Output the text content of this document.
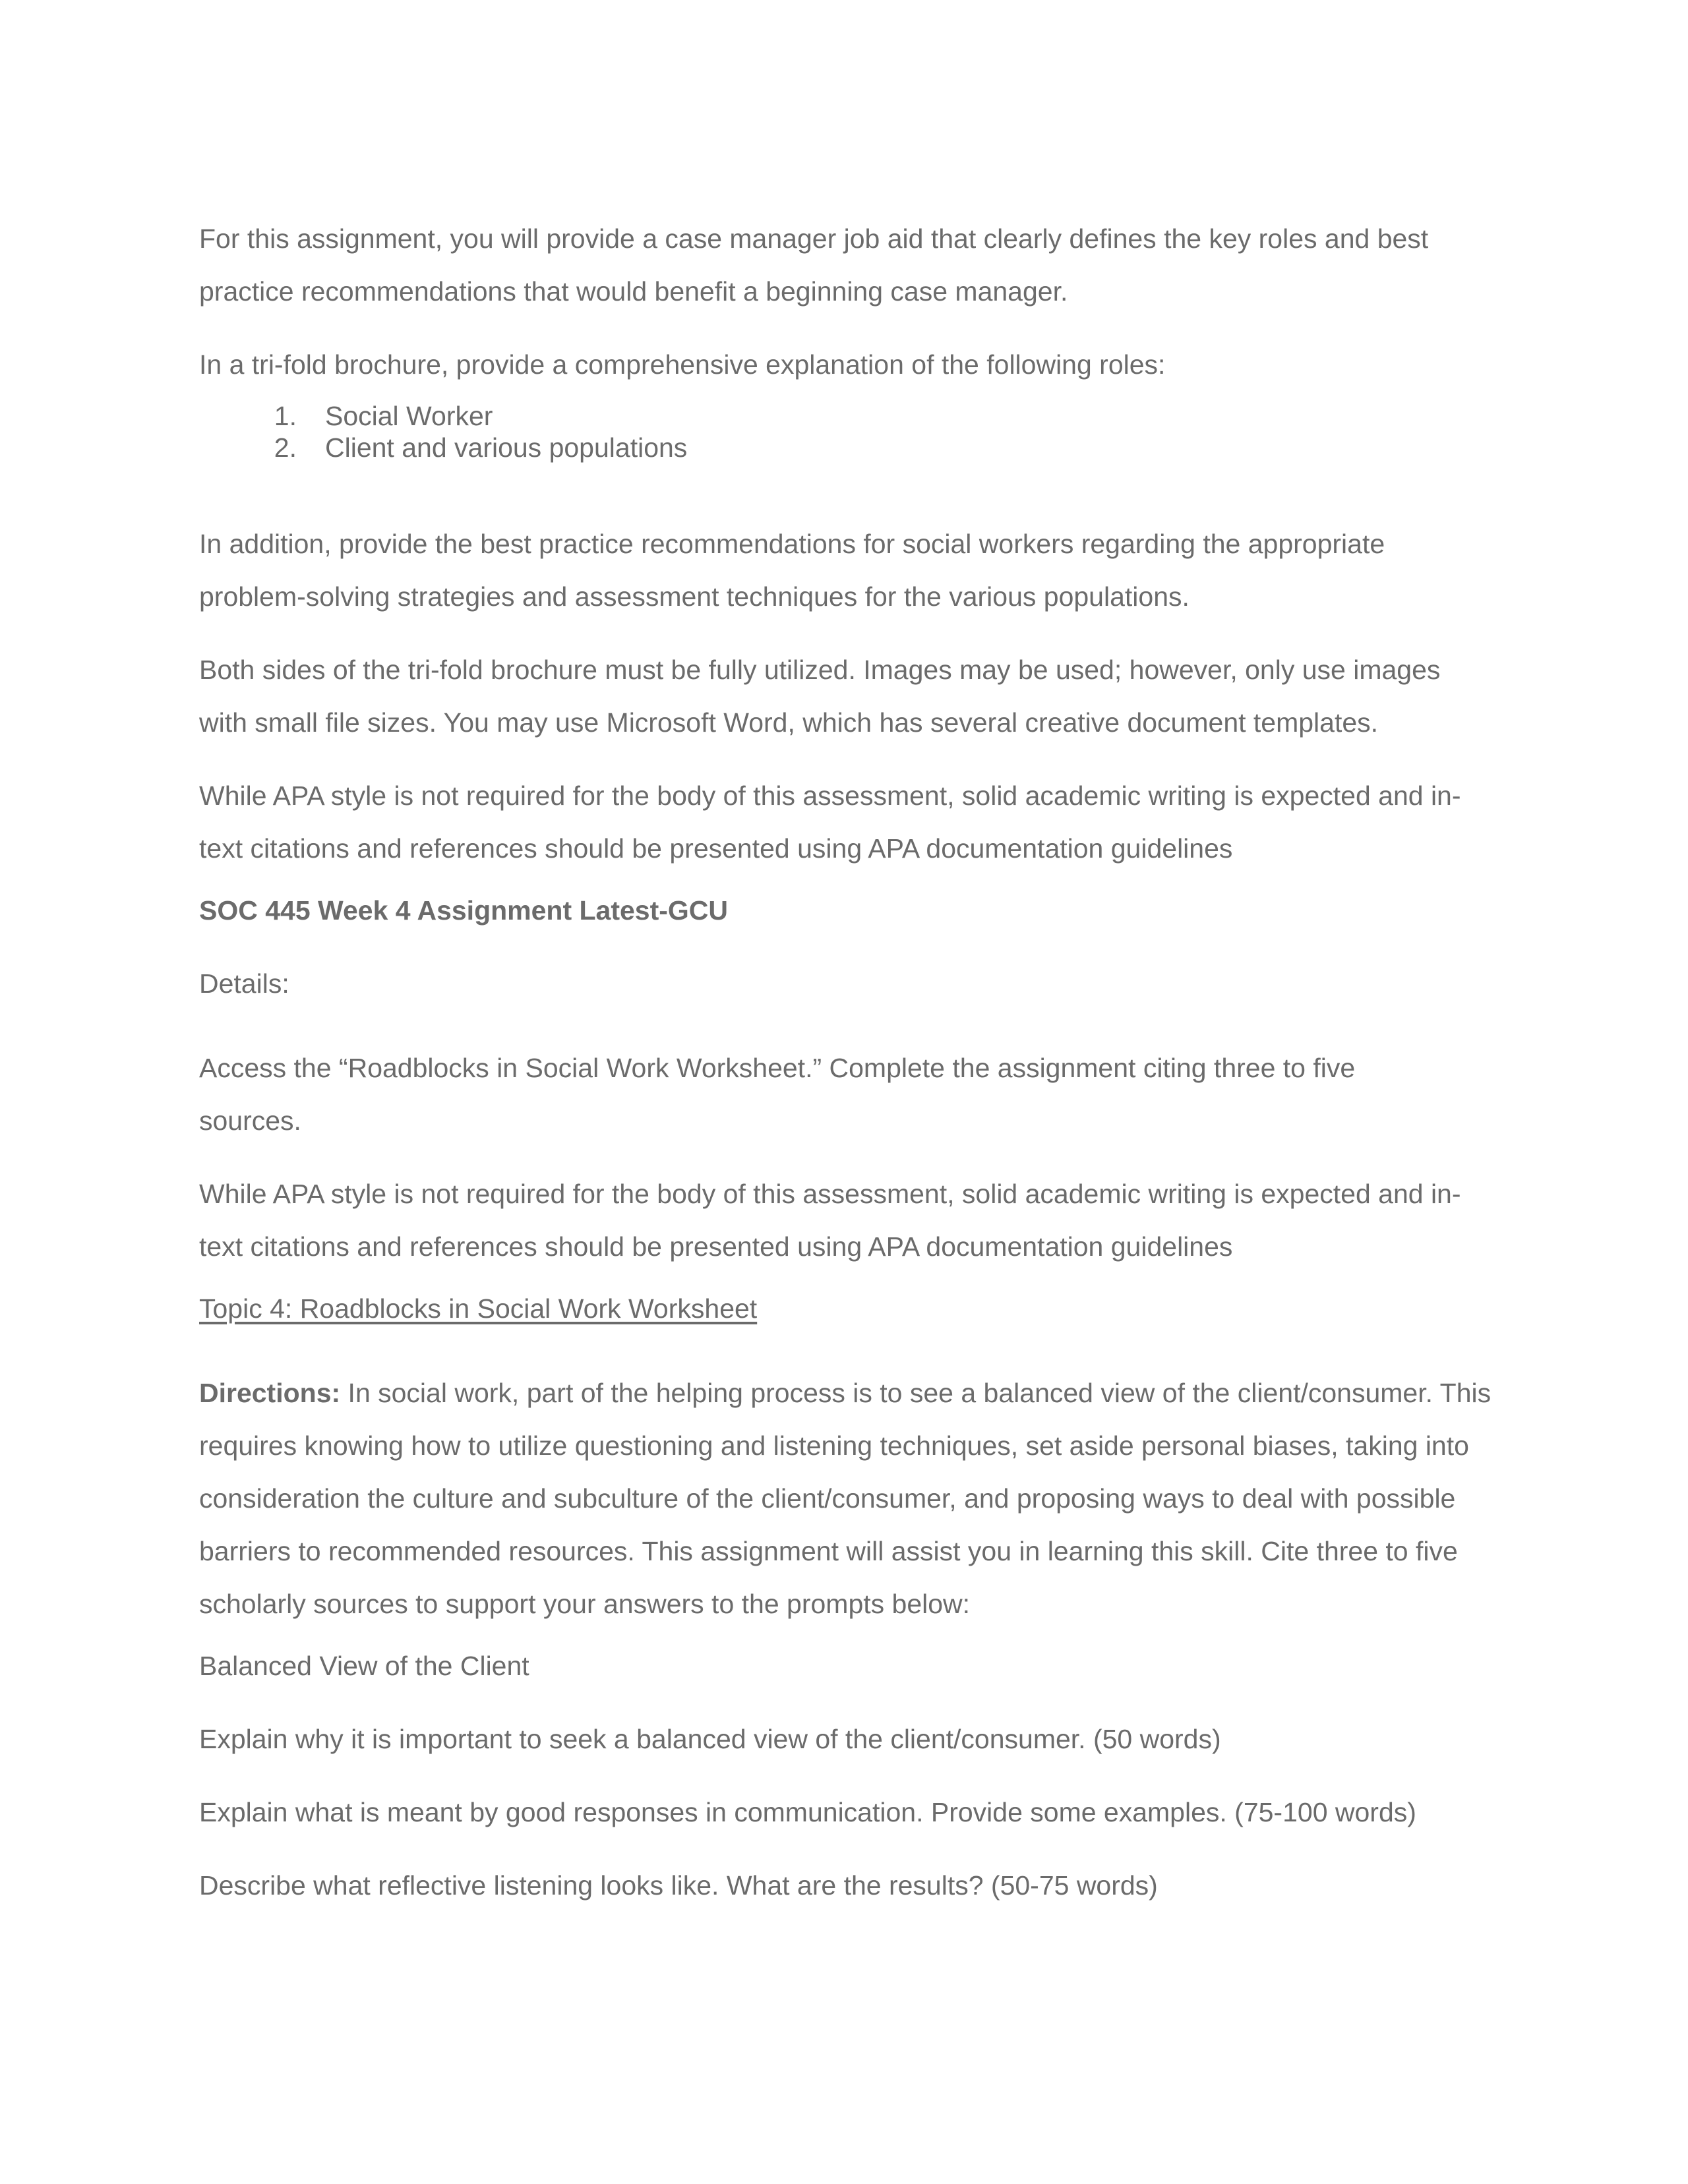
For this assignment, you will provide a case manager job aid that clearly defines the key roles and best practice recommendations that would benefit a beginning case manager.

In a tri-fold brochure, provide a comprehensive explanation of the following roles:

1. Social Worker
2. Client and various populations

In addition, provide the best practice recommendations for social workers regarding the appropriate problem-solving strategies and assessment techniques for the various populations.

Both sides of the tri-fold brochure must be fully utilized. Images may be used; however, only use images with small file sizes. You may use Microsoft Word, which has several creative document templates.

While APA style is not required for the body of this assessment, solid academic writing is expected and in-text citations and references should be presented using APA documentation guidelines

SOC 445 Week 4 Assignment Latest-GCU

Details:

Access the “Roadblocks in Social Work Worksheet.” Complete the assignment citing three to five sources.

While APA style is not required for the body of this assessment, solid academic writing is expected and in-text citations and references should be presented using APA documentation guidelines

Topic 4: Roadblocks in Social Work Worksheet

Directions: In social work, part of the helping process is to see a balanced view of the client/consumer. This requires knowing how to utilize questioning and listening techniques, set aside personal biases, taking into consideration the culture and subculture of the client/consumer, and proposing ways to deal with possible barriers to recommended resources. This assignment will assist you in learning this skill. Cite three to five scholarly sources to support your answers to the prompts below:

Balanced View of the Client

Explain why it is important to seek a balanced view of the client/consumer. (50 words)

Explain what is meant by good responses in communication. Provide some examples. (75-100 words)

Describe what reflective listening looks like. What are the results? (50-75 words)
